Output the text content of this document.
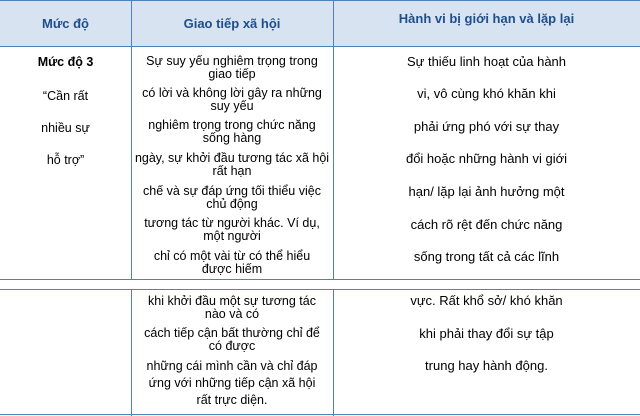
Mức độ	Giao tiếp xã hội	Hành vi bị giới hạn và lặp lại
Mức độ 3
“Cần rất
nhiều sự
hỗ trợ”
Sự suy yếu nghiêm trọng trong
giao tiếp
có lời và không lời gây ra những
suy yếu
nghiêm trọng trong chức năng
sống hàng
ngày, sự khởi đầu tương tác xã hội
rất hạn
chế và sự đáp ứng tối thiểu việc
chủ động
tương tác từ người khác. Ví dụ,
một người
chỉ có một vài từ có thể hiểu
được hiếm
khi khởi đầu một sự tương tác
nào và có
cách tiếp cận bất thường chỉ để
có được
những cái mình cần và chỉ đáp
ứng với những tiếp cận xã hội
rất trực diện.
Sự thiếu linh hoạt của hành
vi, vô cùng khó khăn khi
phải ứng phó với sự thay
đổi hoặc những hành vi giới
hạn/ lặp lại ảnh hưởng một
cách rõ rệt đến chức năng
sống trong tất cả các lĩnh
vực. Rất khổ sở/ khó khăn
khi phải thay đổi sự tập
trung hay hành động.
